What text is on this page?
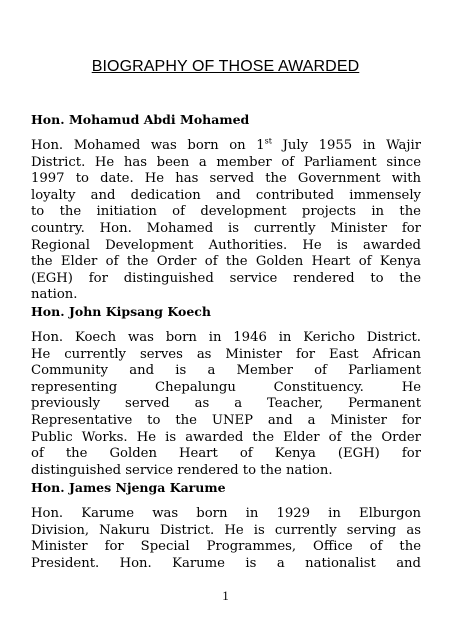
BIOGRAPHY OF THOSE AWARDED
Hon. Mohamud Abdi Mohamed
Hon. Mohamed was born on 1st July 1955 in Wajir
District. He has been a member of Parliament since
1997 to date. He has served the Government with
loyalty and dedication and contributed immensely
to the initiation of development projects in the
country. Hon. Mohamed is currently Minister for
Regional Development Authorities. He is awarded
the Elder of the Order of the Golden Heart of Kenya
(EGH) for distinguished service rendered to the
nation.
Hon. John Kipsang Koech
Hon. Koech was born in 1946 in Kericho District.
He currently serves as Minister for East African
Community and is a Member of Parliament
representing Chepalungu Constituency. He
previously served as a Teacher, Permanent
Representative to the UNEP and a Minister for
Public Works. He is awarded the Elder of the Order
of the Golden Heart of Kenya (EGH) for
distinguished service rendered to the nation.
Hon. James Njenga Karume
Hon. Karume was born in 1929 in Elburgon
Division, Nakuru District. He is currently serving as
Minister for Special Programmes, Office of the
President. Hon. Karume is a nationalist and
1
